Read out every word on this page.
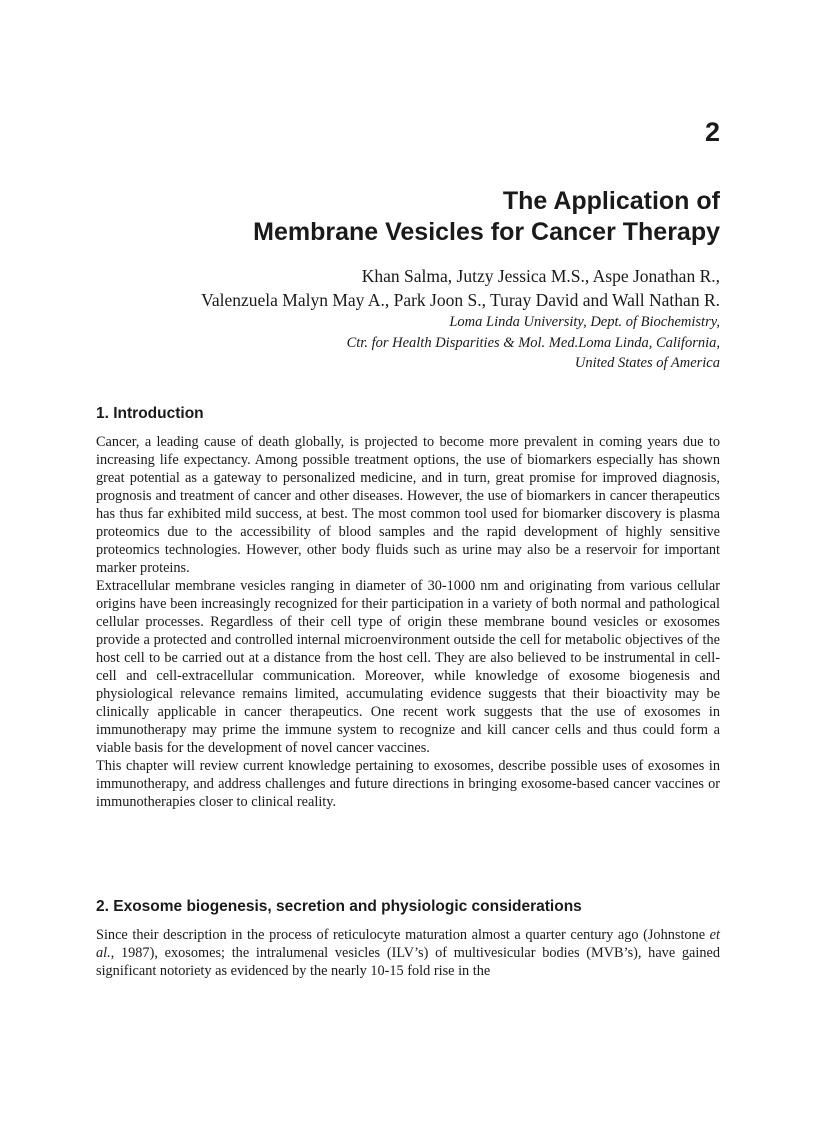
2
The Application of
Membrane Vesicles for Cancer Therapy
Khan Salma, Jutzy Jessica M.S., Aspe Jonathan R.,
Valenzuela Malyn May A., Park Joon S., Turay David and Wall Nathan R.
Loma Linda University, Dept. of Biochemistry,
Ctr. for Health Disparities & Mol. Med.Loma Linda, California,
United States of America
1. Introduction

Cancer, a leading cause of death globally, is projected to become more prevalent in coming years due to increasing life expectancy. Among possible treatment options, the use of biomarkers especially has shown great potential as a gateway to personalized medicine, and in turn, great promise for improved diagnosis, prognosis and treatment of cancer and other diseases. However, the use of biomarkers in cancer therapeutics has thus far exhibited mild success, at best. The most common tool used for biomarker discovery is plasma proteomics due to the accessibility of blood samples and the rapid development of highly sensitive proteomics technologies. However, other body fluids such as urine may also be a reservoir for important marker proteins.

Extracellular membrane vesicles ranging in diameter of 30-1000 nm and originating from various cellular origins have been increasingly recognized for their participation in a variety of both normal and pathological cellular processes. Regardless of their cell type of origin these membrane bound vesicles or exosomes provide a protected and controlled internal microenvironment outside the cell for metabolic objectives of the host cell to be carried out at a distance from the host cell. They are also believed to be instrumental in cell-cell and cell-extracellular communication. Moreover, while knowledge of exosome biogenesis and physiological relevance remains limited, accumulating evidence suggests that their bioactivity may be clinically applicable in cancer therapeutics. One recent work suggests that the use of exosomes in immunotherapy may prime the immune system to recognize and kill cancer cells and thus could form a viable basis for the development of novel cancer vaccines.

This chapter will review current knowledge pertaining to exosomes, describe possible uses of exosomes in immunotherapy, and address challenges and future directions in bringing exosome-based cancer vaccines or immunotherapies closer to clinical reality.

2. Exosome biogenesis, secretion and physiologic considerations

Since their description in the process of reticulocyte maturation almost a quarter century ago (Johnstone et al., 1987), exosomes; the intralumenal vesicles (ILV’s) of multivesicular bodies (MVB’s), have gained significant notoriety as evidenced by the nearly 10-15 fold rise in the
